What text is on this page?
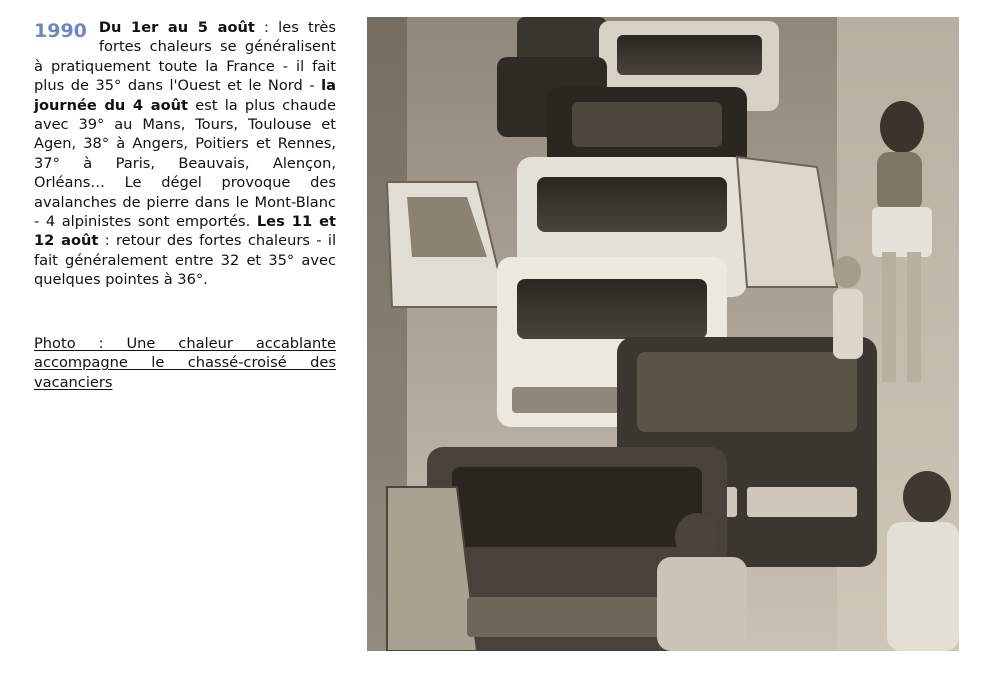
1990 Du 1er au 5 août : les très fortes chaleurs se généralisent à pratiquement toute la France - il fait plus de 35° dans l'Ouest et le Nord - la journée du 4 août est la plus chaude avec 39° au Mans, Tours, Toulouse et Agen, 38° à Angers, Poitiers et Rennes, 37° à Paris, Beauvais, Alençon, Orléans… Le dégel provoque des avalanches de pierre dans le Mont-Blanc - 4 alpinistes sont emportés. Les 11 et 12 août : retour des fortes chaleurs - il fait généralement entre 32 et 35° avec quelques pointes à 36°.

Photo : Une chaleur accablante accompagne le chassé-croisé des vacanciers
